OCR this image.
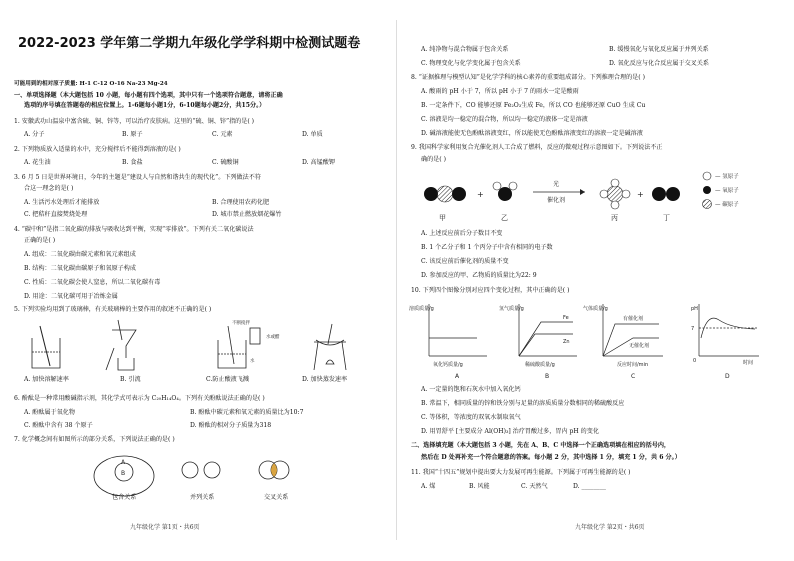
2022-2023 学年第二学期九年级化学学科期中检测试题卷
可能用到的相对原子质量: H-1 C-12 O-16 Na-23 Mg-24
一、单项选择题（本大题包括 10 小题，每小题有四个选项，其中只有一个选项符合题意，请将正确
选项的序号填在答题卷的相应位置上。1-6题每小题1分，6-10题每小题2分，共15分。）
1. 安徽武功山温泉中富含硫、铜、锌等，可以治疗皮肤病。这里的“硫、铜、锌”指的是( )
A. 分子	B. 原子	C. 元素	D. 单质
2. 下列物质放入适量的水中，充分搅拌后不能得到溶液的是( )
A. 花生油	B. 食盐	C. 硫酸铜	D. 高锰酸钾
3. 6 月 5 日是世界环境日，今年的主题是“建设人与自然和谐共生的现代化”。下列做法不符
合这一理念的是( )
A. 生活污水处理后才能排放	B. 合理使用农药化肥
C. 把秸秆直接焚烧处理	D. 城市禁止燃放烟花爆竹
4. “碳中和”是指二氧化碳的排放与吸收达到平衡，实现“零排放”。下列有关二氧化碳说法
正确的是( )
A. 组成：二氧化碳由碳元素和氧元素组成
B. 结构：二氧化碳由碳原子和氧原子构成
C. 性质：二氧化碳会使人窒息，所以二氧化碳有毒
D. 用途：二氧化碳可用于冶炼金属
5. 下列实验均用到了玻璃棒，有关玻璃棒的主要作用的叙述不正确的是( )
不断搅拌
水或醋
水
A. 加快溶解速率	B. 引流	C.防止酸液飞溅	D. 加快蒸发速率
6. 酚酞是一种常用酸碱指示剂，其化学式可表示为 C₂₀H₁₄O₄。下列有关酚酞说法正确的是( )
A. 酚酞属于氧化物	B. 酚酞中碳元素和氧元素的质量比为10:7
C. 酚酞中含有 38 个原子	D. 酚酞的相对分子质量为318
7. 化学概念间有如图所示的部分关系，下列说法正确的是( )
A
B
包含关系	并列关系	交叉关系
九年级化学 第1页・共6页
A. 纯净物与混合物属于包含关系	B. 缓慢氧化与氧化反应属于并列关系
C. 物理变化与化学变化属于包含关系	D. 氧化反应与化合反应属于交叉关系
8. “证据推理与模型认知”是化学学科的核心素养的重要组成部分。下列推理合理的是( )
A. 酸雨的 pH 小于 7，所以 pH 小于 7 的雨水一定是酸雨
B. 一定条件下，CO 能够还原 Fe₂O₃生成 Fe，所以 CO 也能够还原 CuO 生成 Cu
C. 溶液是均一稳定的混合物，所以均一稳定的液体一定是溶液
D. 碱溶液能使无色酚酞溶液变红，所以能使无色酚酞溶液变红的溶液一定是碱溶液
9. 我国科学家利用复合光催化剂人工合成了燃料，反应的微观过程示意图如下。下列说法不正
确的是( )
+
光
催化剂
+
甲	乙	丙	丁
— 氢原子
— 氧原子
— 碳原子
A. 上述反应前后分子数目不变
B. 1 个乙分子和 1 个丙分子中含有相同的电子数
C. 该反应前后催化剂的质量不变
D. 参加反应的甲、乙物质的质量比为22: 9
10. 下列四个图像分别对应四个变化过程，其中正确的是( )
溶质质量/g
氧化钙质量/g
A
氢气质量/g
稀硫酸质量/g
Fe
Zn
B
气体质量/g
反应时间/min
有催化剂
无催化剂
C
pH
7
0	时间
D
A. 一定量的饱和石灰水中加入氧化钙
B. 常温下，相同质量的锌和铁分别与足量的溶质质量分数相同的稀硫酸反应
C. 等体积，等浓度的双氧水制取氧气
D. 用胃舒平 [主要成分 Al(OH)₃] 治疗胃酸过多，胃内 pH 的变化
二、选择填充题（本大题包括 3 小题，先在 A、B、C 中选择一个正确选项填在相应的括号内，
然后在 D 处再补充一个符合题意的答案。每小题 2 分，其中选择 1 分，填充 1 分，共 6 分。）
11. 我国“十四五”规划中提出要大力发展可再生能源。下列属于可再生能源的是( )
A. 煤	B. 风能	C. 天然气	D. ________
九年级化学 第2页・共6页
